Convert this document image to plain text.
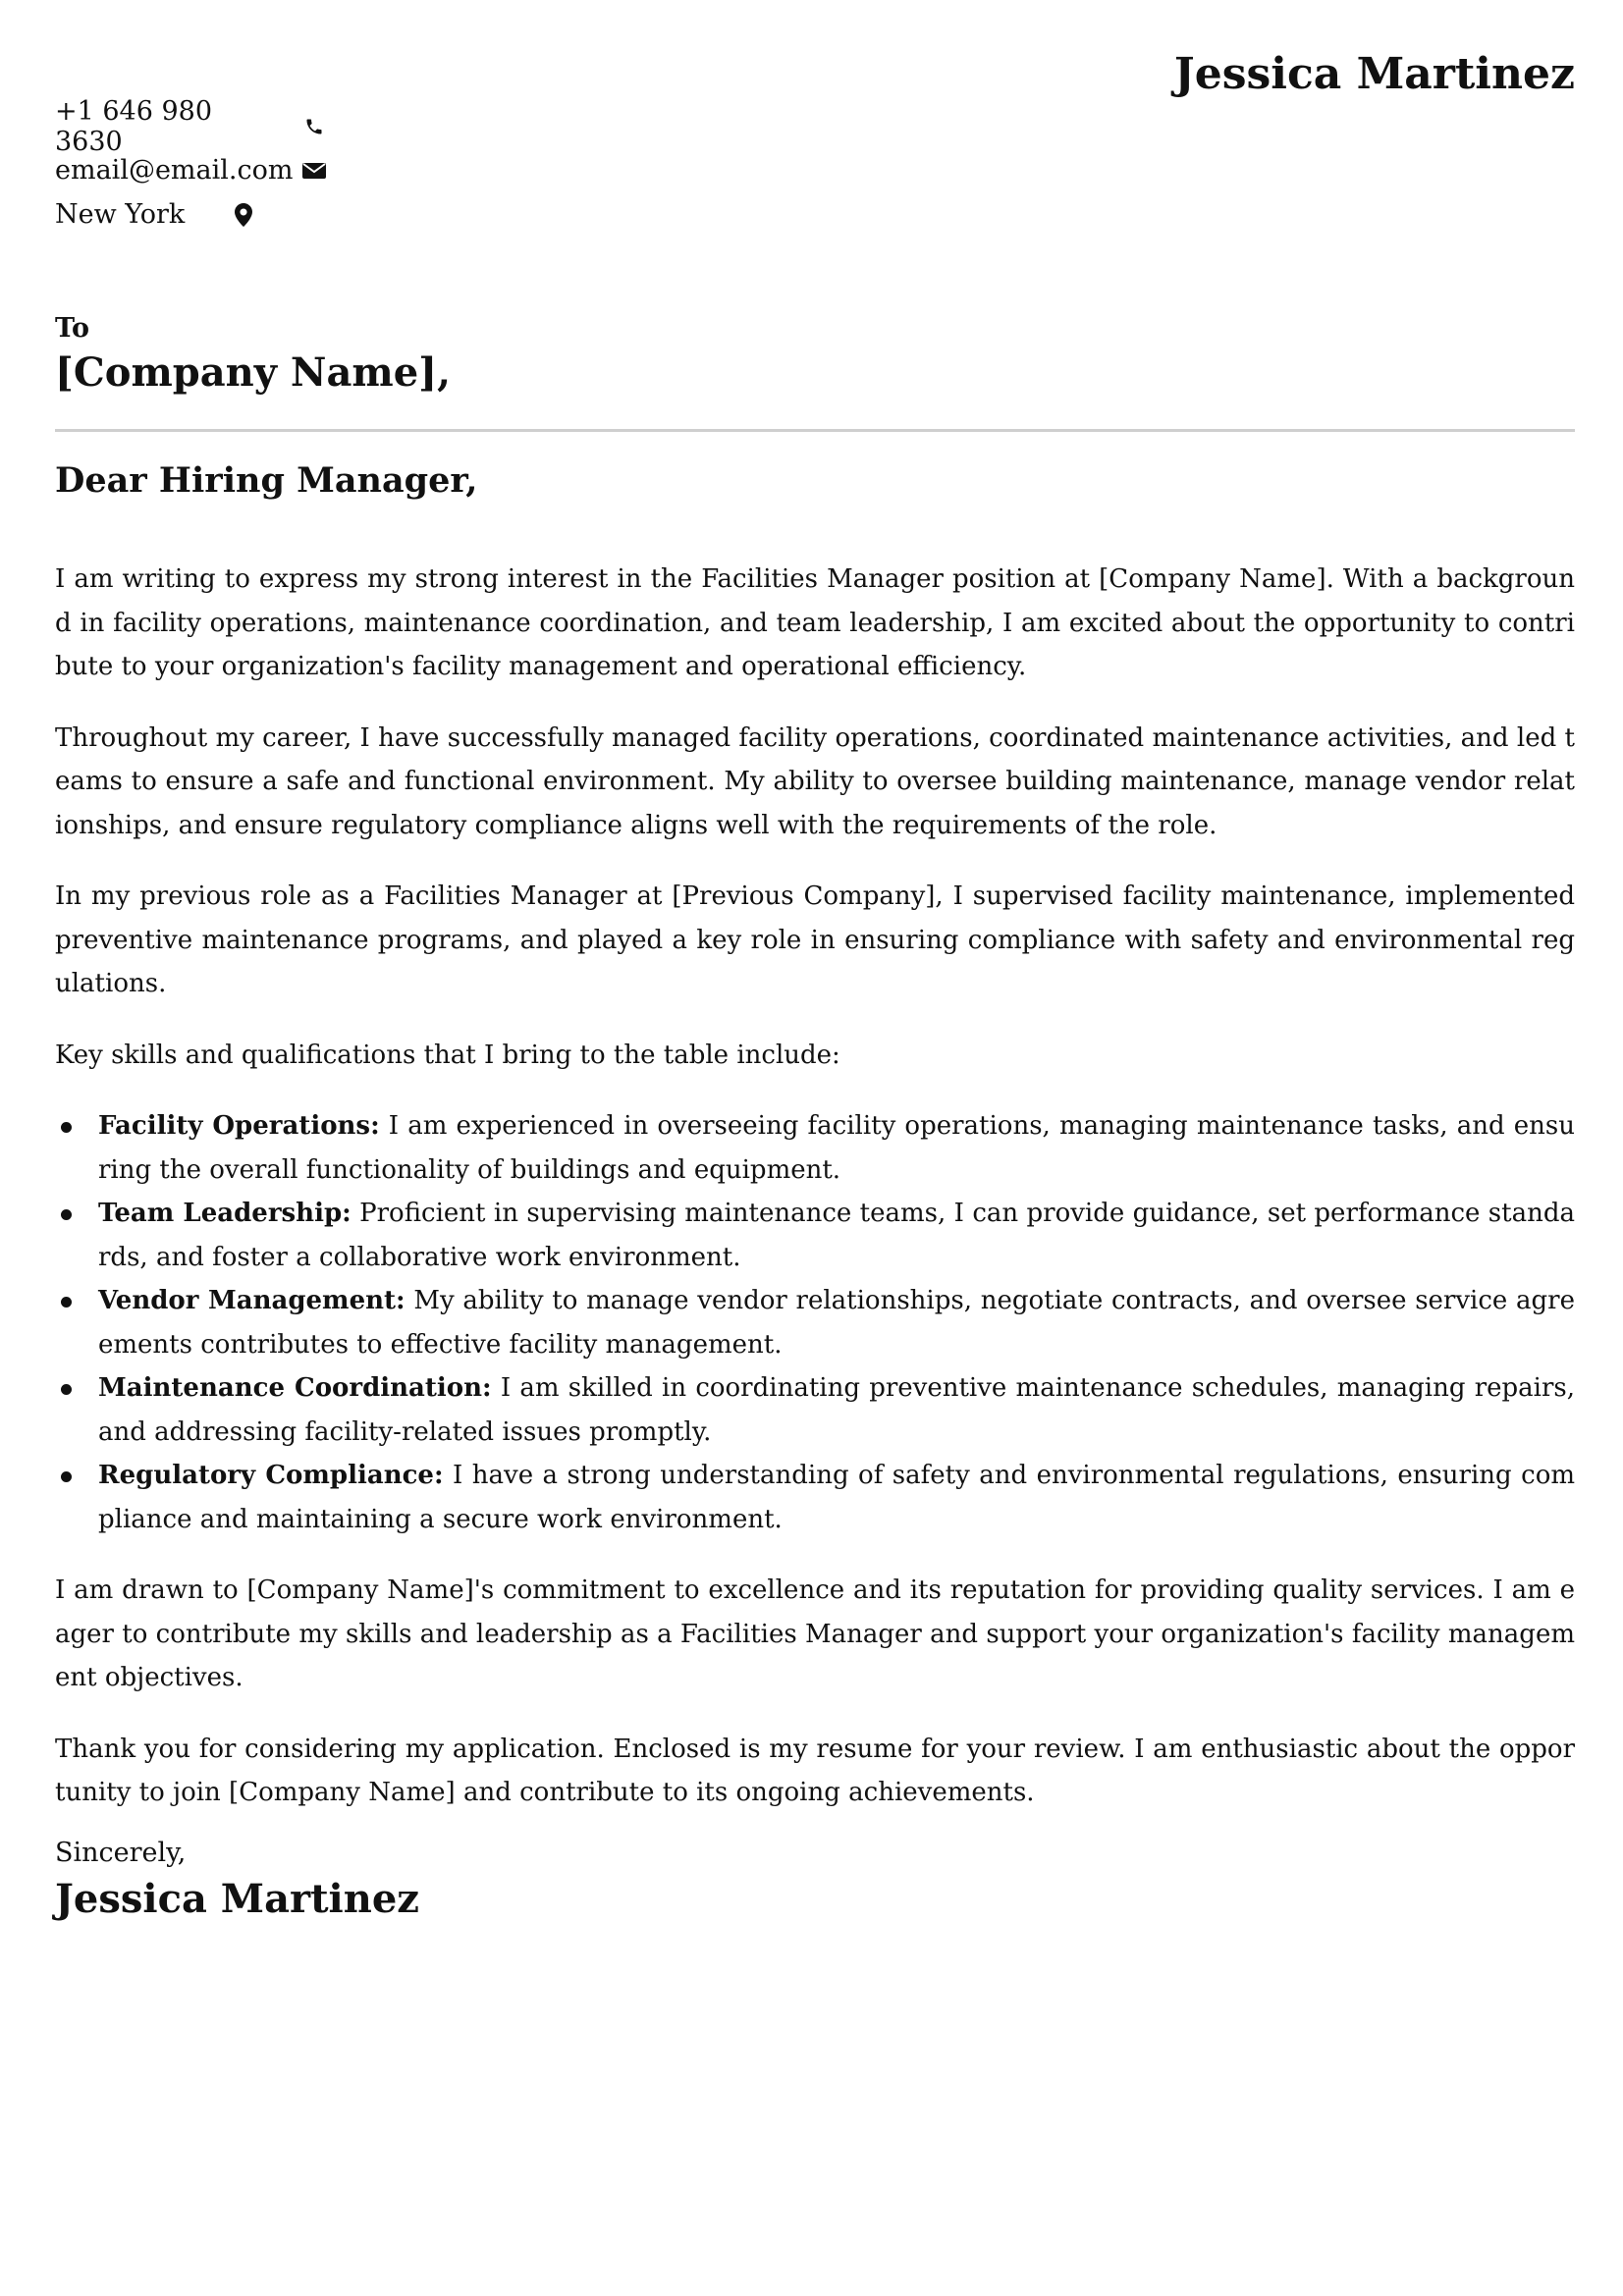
Jessica Martinez
+1 646 980 3630
email@email.com
New York
To
[Company Name],
Dear Hiring Manager,

I am writing to express my strong interest in the Facilities Manager position at [Company Name]. With a background in facility operations, maintenance coordination, and team leadership, I am excited about the opportunity to contribute to your organization's facility management and operational efficiency.

Throughout my career, I have successfully managed facility operations, coordinated maintenance activities, and led teams to ensure a safe and functional environment. My ability to oversee building maintenance, manage vendor relationships, and ensure regulatory compliance aligns well with the requirements of the role.

In my previous role as a Facilities Manager at [Previous Company], I supervised facility maintenance, implemented preventive maintenance programs, and played a key role in ensuring compliance with safety and environmental regulations.

Key skills and qualifications that I bring to the table include:

Facility Operations: I am experienced in overseeing facility operations, managing maintenance tasks, and ensuring the overall functionality of buildings and equipment.
Team Leadership: Proficient in supervising maintenance teams, I can provide guidance, set performance standards, and foster a collaborative work environment.
Vendor Management: My ability to manage vendor relationships, negotiate contracts, and oversee service agreements contributes to effective facility management.
Maintenance Coordination: I am skilled in coordinating preventive maintenance schedules, managing repairs, and addressing facility-related issues promptly.
Regulatory Compliance: I have a strong understanding of safety and environmental regulations, ensuring compliance and maintaining a secure work environment.

I am drawn to [Company Name]'s commitment to excellence and its reputation for providing quality services. I am eager to contribute my skills and leadership as a Facilities Manager and support your organization's facility management objectives.

Thank you for considering my application. Enclosed is my resume for your review. I am enthusiastic about the opportunity to join [Company Name] and contribute to its ongoing achievements.

Sincerely,
Jessica Martinez
